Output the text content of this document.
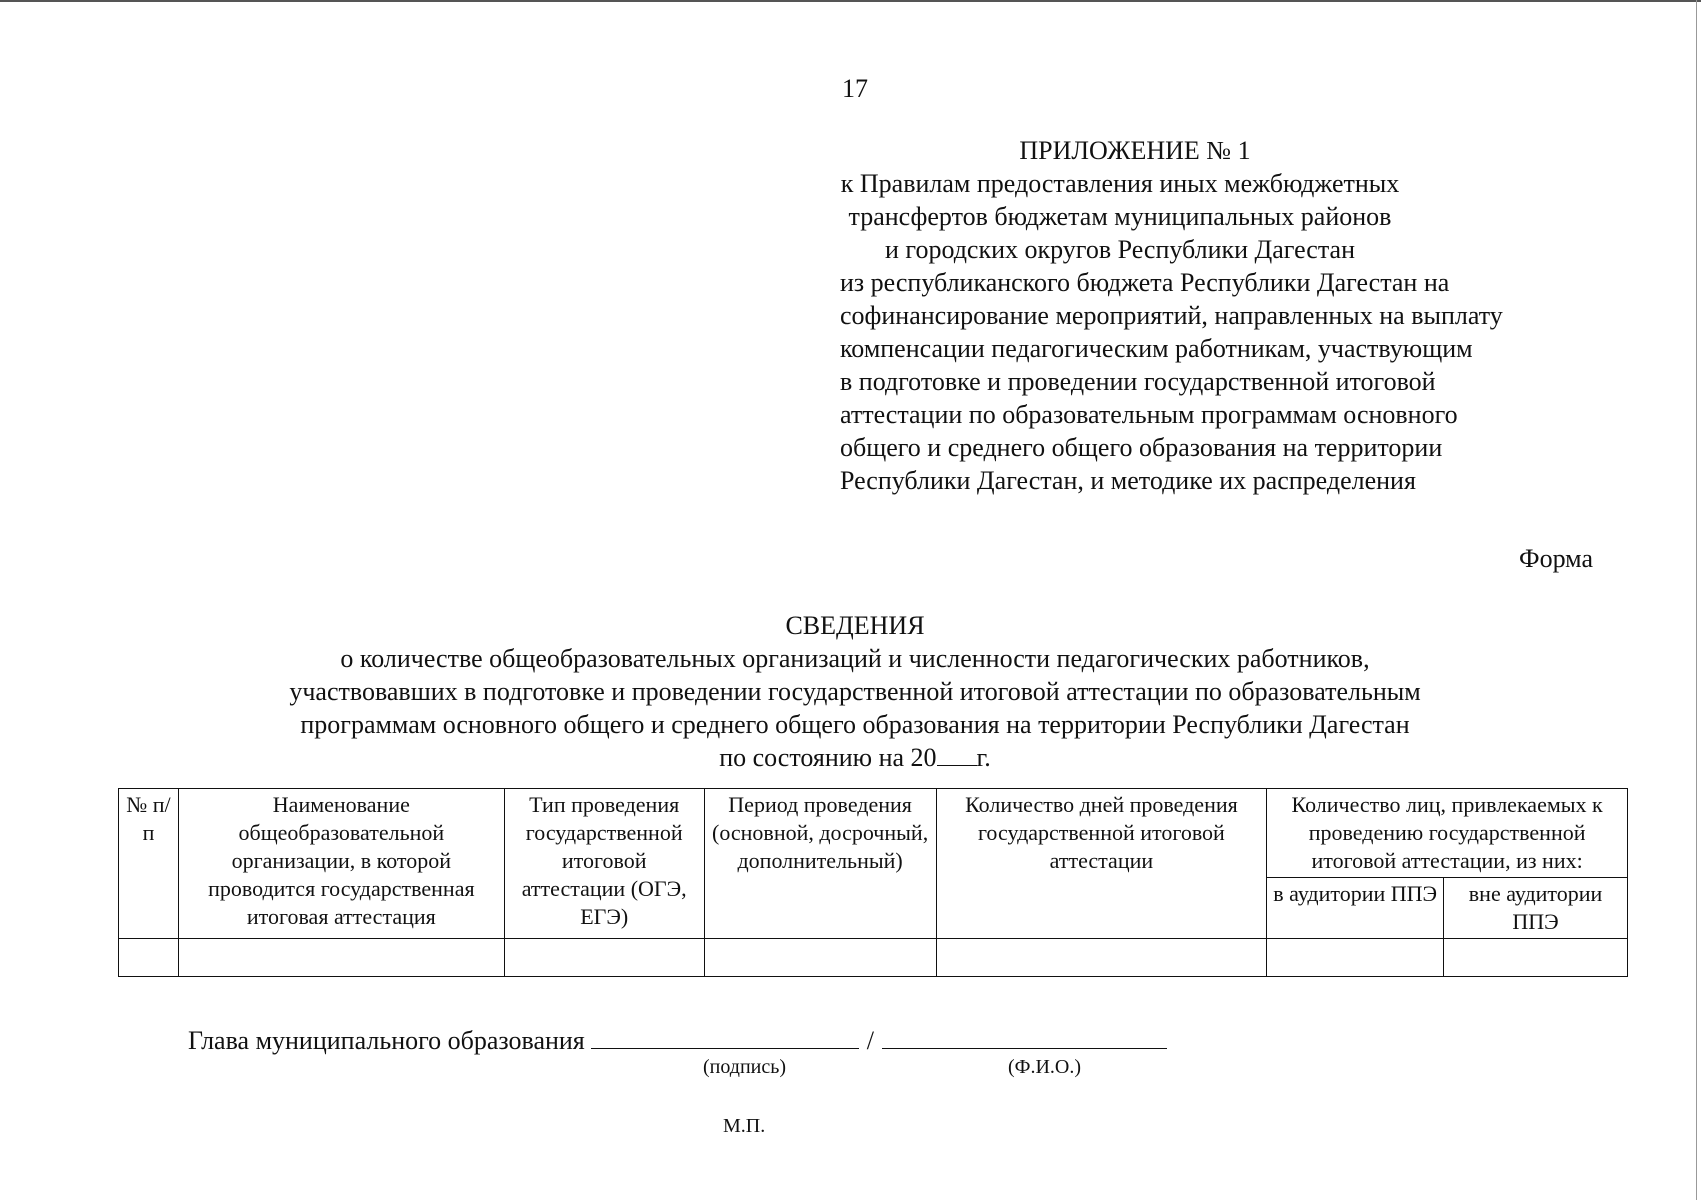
17
ПРИЛОЖЕНИЕ № 1
к Правилам предоставления иных межбюджетных
трансфертов бюджетам муниципальных районов
и городских округов Республики Дагестан
из республиканского бюджета Республики Дагестан на
софинансирование мероприятий, направленных на выплату
компенсации педагогическим работникам, участвующим
в подготовке и проведении государственной итоговой
аттестации по образовательным программам основного
общего и среднего общего образования на территории
Республики Дагестан, и методике их распределения
Форма
СВЕДЕНИЯ
о количестве общеобразовательных организаций и численности педагогических работников,
участвовавших в подготовке и проведении государственной итоговой аттестации по образовательным
программам основного общего и среднего общего образования на территории Республики Дагестан
по состоянию на 20 г.
№ п/п	Наименование общеобразовательной организации, в которой проводится государственная итоговая аттестация	Тип проведения государственной итоговой аттестации (ОГЭ, ЕГЭ)	Период проведения (основной, досрочный, дополнительный)	Количество дней проведения государственной итоговой аттестации	Количество лиц, привлекаемых к проведению государственной итоговой аттестации, из них:	
					в аудитории ППЭ	вне аудитории ППЭ

Глава муниципального образования	/
(подпись)	(Ф.И.О.)
М.П.
